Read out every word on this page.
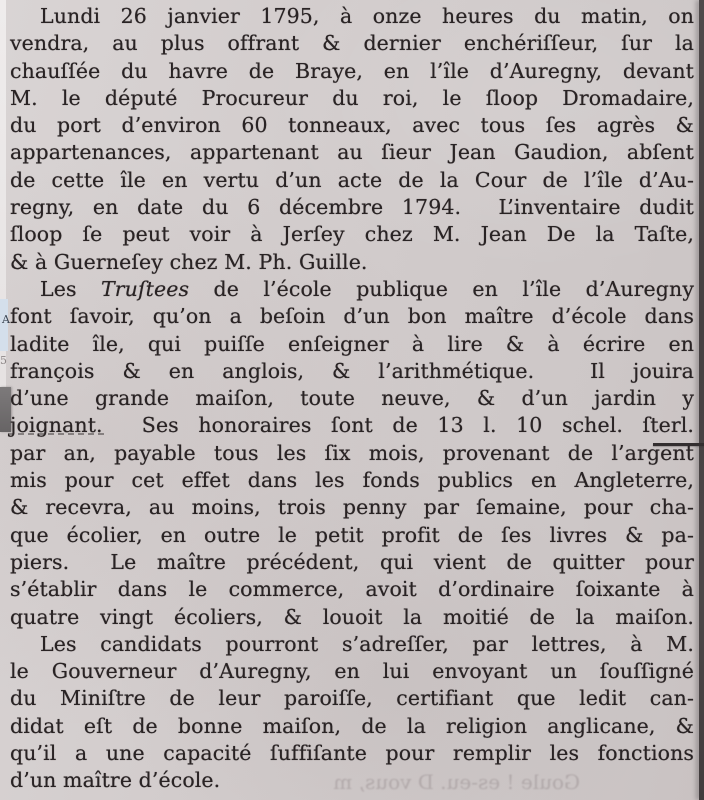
A
5
Lundi 26 janvier 1795, à onze heures du matin, on
vendra, au plus offrant & dernier enchériſſeur, ſur la
chauſſée du havre de Braye, en l’île d’Auregny, devant
M. le député Procureur du roi, le ſloop Dromadaire,
du port d’environ 60 tonneaux, avec tous ſes agrès &
appartenances, appartenant au ſieur Jean Gaudion, abſent
de cette île en vertu d’un acte de la Cour de l’île d’Au-
regny, en date du 6 décembre 1794.  L’inventaire dudit
ſloop ſe peut voir à Jerſey chez M. Jean De la Taſte,
& à Guerneſey chez M. Ph. Guille.
Les Truſtees de l’école publique en l’île d’Auregny
font ſavoir, qu’on a beſoin d’un bon maître d’école dans
ladite île, qui puiſſe enſeigner à lire & à écrire en
françois & en anglois, & l’arithmétique.  Il jouira
d’une grande maiſon, toute neuve, & d’un jardin y
joignant.  Ses honoraires ſont de 13 l. 10 schel. ſterl.
par an, payable tous les ſix mois, provenant de l’argent
mis pour cet effet dans les fonds publics en Angleterre,
& recevra, au moins, trois penny par ſemaine, pour cha-
que écolier, en outre le petit profit de ſes livres & pa-
piers.  Le maître précédent, qui vient de quitter pour
s’établir dans le commerce, avoit d’ordinaire ſoixante à
quatre vingt écoliers, & louoit la moitié de la maiſon.
Les candidats pourront s’adreſſer, par lettres, à M.
le Gouverneur d’Auregny, en lui envoyant un ſouſſigné
du Miniſtre de leur paroiſſe, certifiant que ledit can-
didat eſt de bonne maiſon, de la religion anglicane, &
qu’il a une capacité ſuffiſante pour remplir les fonctions
d’un maître d’école.	Goule ! es-eu. D vous, m
